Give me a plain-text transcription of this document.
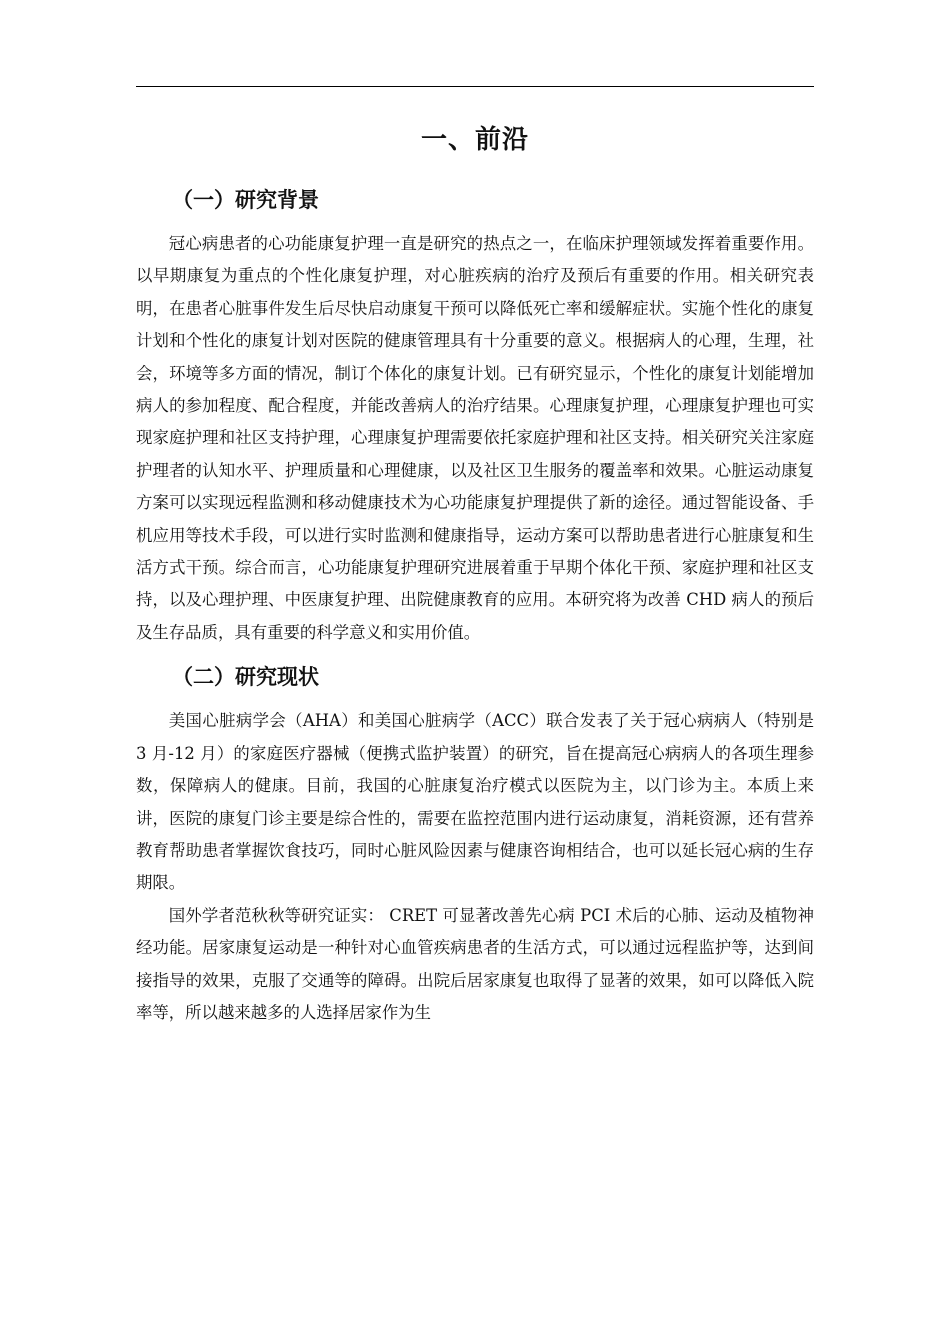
一、前沿
（一）研究背景

冠心病患者的心功能康复护理一直是研究的热点之一，在临床护理领域发挥着重要作用。以早期康复为重点的个性化康复护理，对心脏疾病的治疗及预后有重要的作用。相关研究表明，在患者心脏事件发生后尽快启动康复干预可以降低死亡率和缓解症状。实施个性化的康复计划和个性化的康复计划对医院的健康管理具有十分重要的意义。根据病人的心理，生理，社会，环境等多方面的情况，制订个体化的康复计划。已有研究显示，个性化的康复计划能增加病人的参加程度、配合程度，并能改善病人的治疗结果。心理康复护理，心理康复护理也可实现家庭护理和社区支持护理，心理康复护理需要依托家庭护理和社区支持。相关研究关注家庭护理者的认知水平、护理质量和心理健康，以及社区卫生服务的覆盖率和效果。心脏运动康复方案可以实现远程监测和移动健康技术为心功能康复护理提供了新的途径。通过智能设备、手机应用等技术手段，可以进行实时监测和健康指导，运动方案可以帮助患者进行心脏康复和生活方式干预。综合而言，心功能康复护理研究进展着重于早期个体化干预、家庭护理和社区支持，以及心理护理、中医康复护理、出院健康教育的应用。本研究将为改善 CHD 病人的预后及生存品质，具有重要的科学意义和实用价值。

（二）研究现状

美国心脏病学会（AHA）和美国心脏病学（ACC）联合发表了关于冠心病病人（特别是 3 月-12 月）的家庭医疗器械（便携式监护装置）的研究，旨在提高冠心病病人的各项生理参数，保障病人的健康。目前，我国的心脏康复治疗模式以医院为主，以门诊为主。本质上来讲，医院的康复门诊主要是综合性的，需要在监控范围内进行运动康复，消耗资源，还有营养教育帮助患者掌握饮食技巧，同时心脏风险因素与健康咨询相结合，也可以延长冠心病的生存期限。

国外学者范秋秋等研究证实： CRET 可显著改善先心病 PCI 术后的心肺、运动及植物神经功能。居家康复运动是一种针对心血管疾病患者的生活方式，可以通过远程监护等，达到间接指导的效果，克服了交通等的障碍。出院后居家康复也取得了显著的效果，如可以降低入院率等，所以越来越多的人选择居家作为生
